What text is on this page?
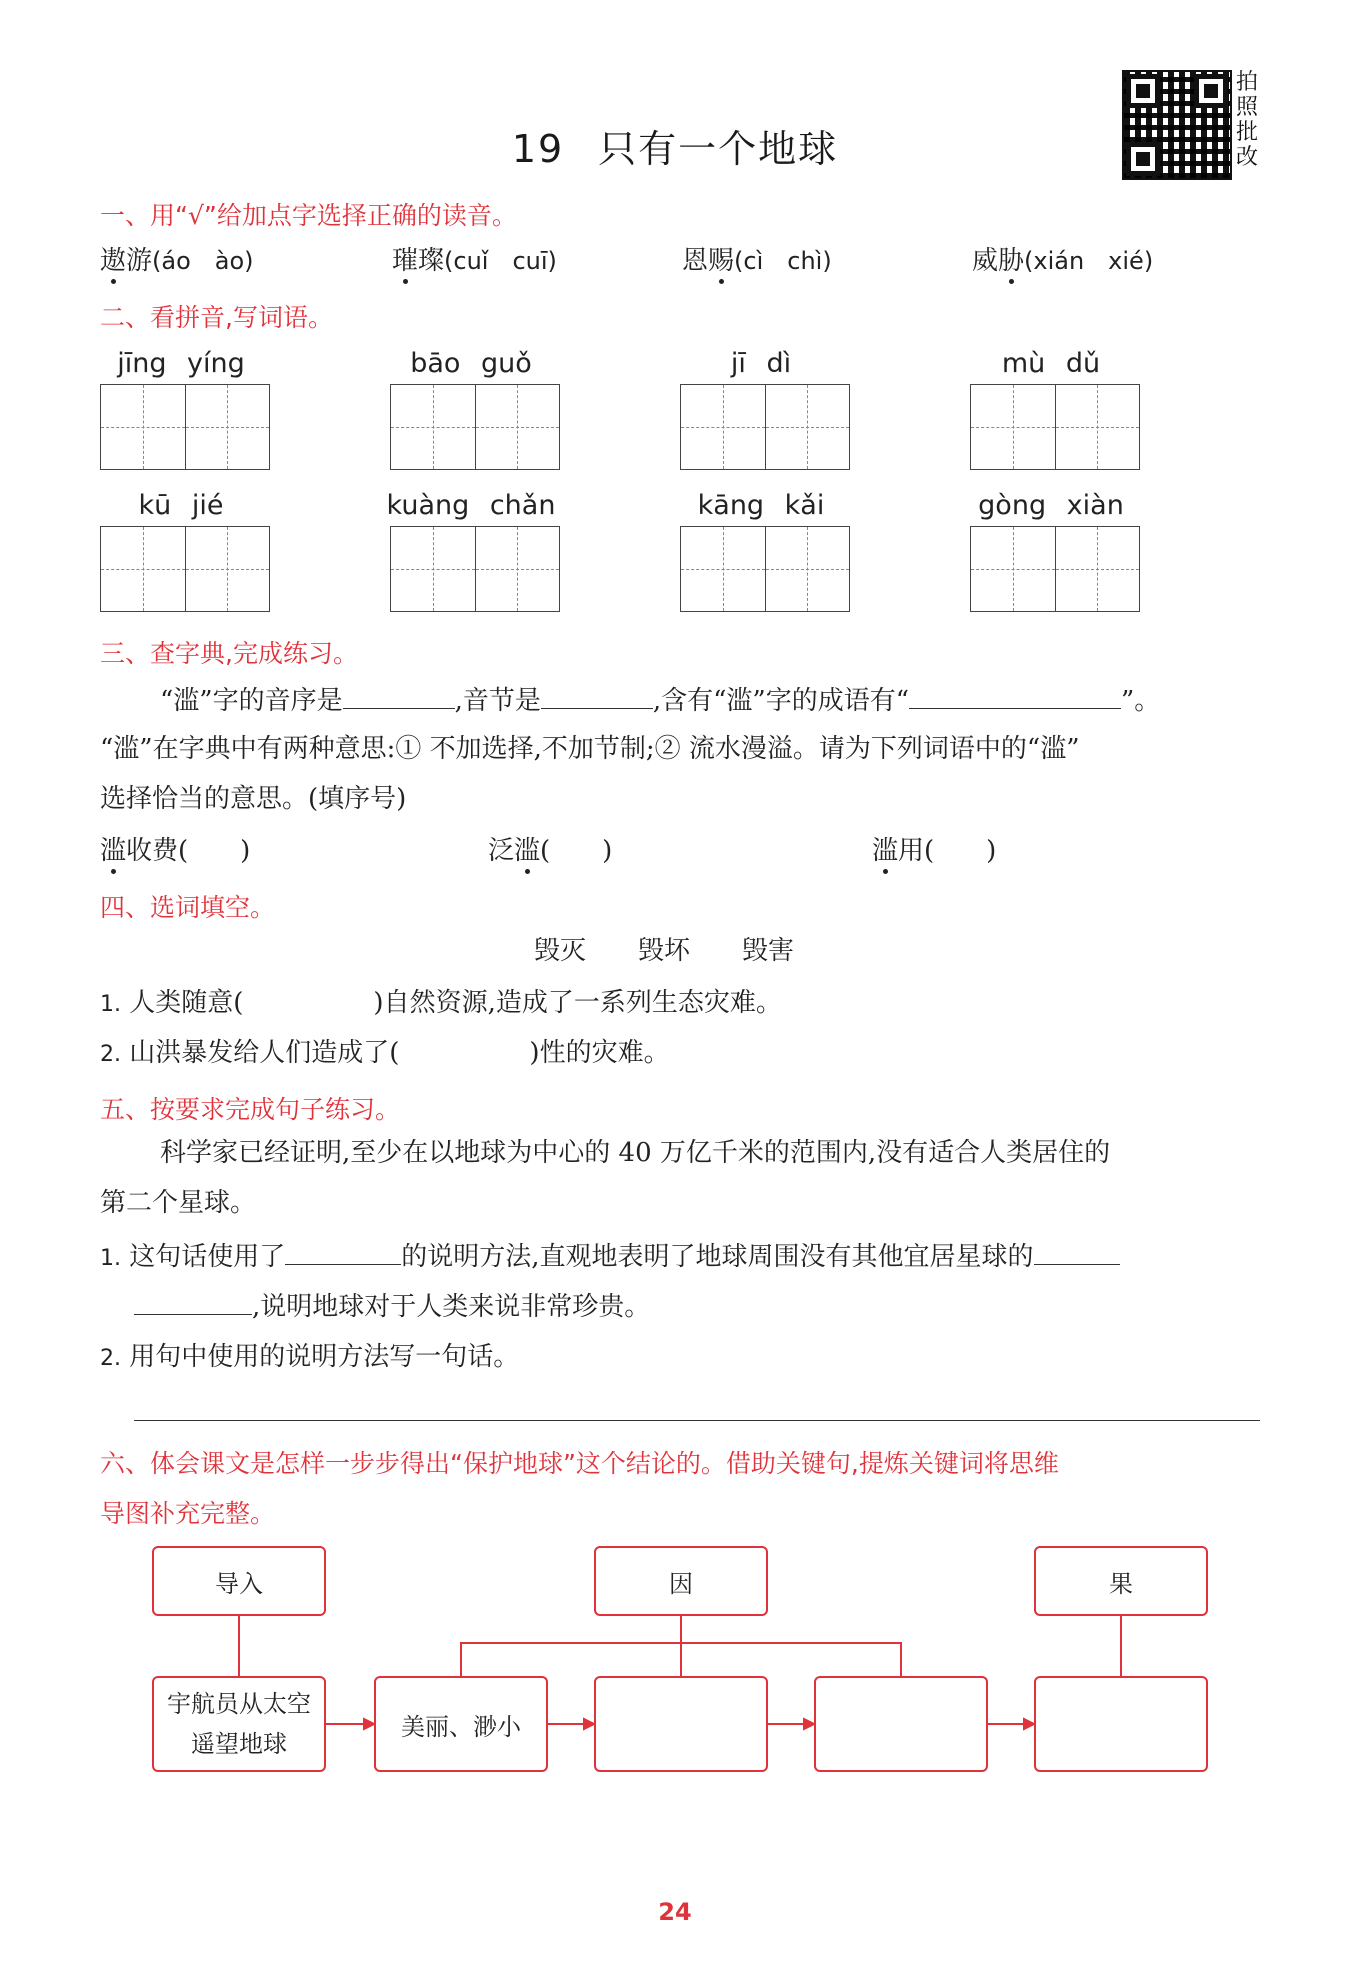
19 只有一个地球
拍照批改
一、用“√”给加点字选择正确的读音。
遨游(áo　ào)	璀璨(cuǐ　cuī)	恩赐(cì　chì)	威胁(xián　xié)
二、看拼音,写词语。
jīng yíng	bāo guǒ	jī dì	mù dǔ
kū jié	kuàng chǎn	kāng kǎi	gòng xiàn
三、查字典,完成练习。
“滥”字的音序是	,音节是	,含有“滥”字的成语有“	”。
“滥”在字典中有两种意思:① 不加选择,不加节制;② 流水漫溢。请为下列词语中的“滥”
选择恰当的意思。(填序号)
滥收费(　　)	泛滥(　　)	滥用(　　)
四、选词填空。
毁灭　　毁坏　　毁害
1. 人类随意(	)自然资源,造成了一系列生态灾难。
2. 山洪暴发给人们造成了(	)性的灾难。
五、按要求完成句子练习。
科学家已经证明,至少在以地球为中心的 40 万亿千米的范围内,没有适合人类居住的
第二个星球。
1. 这句话使用了	的说明方法,直观地表明了地球周围没有其他宜居星球的
,说明地球对于人类来说非常珍贵。
2. 用句中使用的说明方法写一句话。
六、体会课文是怎样一步步得出“保护地球”这个结论的。借助关键句,提炼关键词将思维
导图补充完整。
导入	因	果
宇航员从太空
遥望地球
美丽、渺小
24
